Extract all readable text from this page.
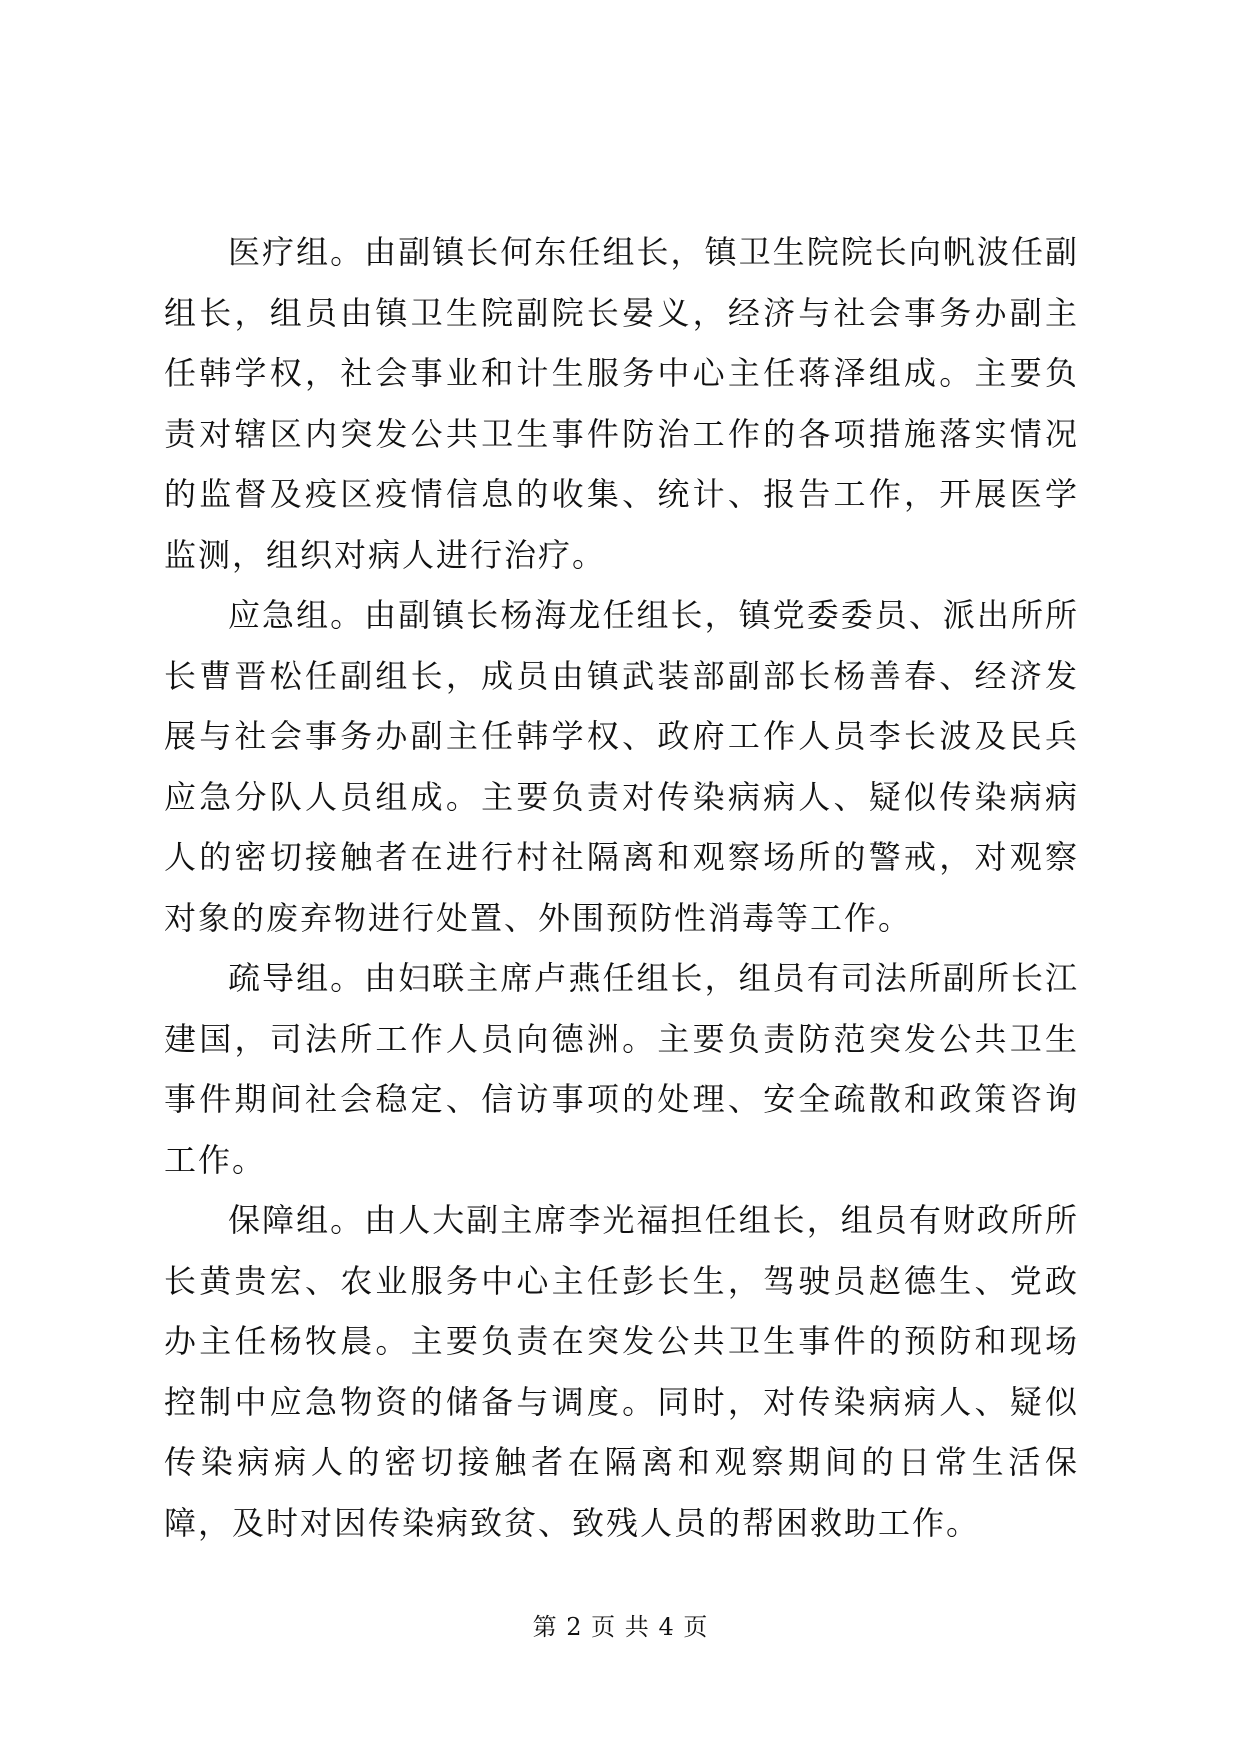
医疗组。由副镇长何东任组长，镇卫生院院长向帆波任副组长，组员由镇卫生院副院长晏义，经济与社会事务办副主任韩学权，社会事业和计生服务中心主任蒋泽组成。主要负责对辖区内突发公共卫生事件防治工作的各项措施落实情况的监督及疫区疫情信息的收集、统计、报告工作，开展医学监测，组织对病人进行治疗。

应急组。由副镇长杨海龙任组长，镇党委委员、派出所所长曹晋松任副组长，成员由镇武装部副部长杨善春、经济发展与社会事务办副主任韩学权、政府工作人员李长波及民兵应急分队人员组成。主要负责对传染病病人、疑似传染病病人的密切接触者在进行村社隔离和观察场所的警戒，对观察对象的废弃物进行处置、外围预防性消毒等工作。

疏导组。由妇联主席卢燕任组长，组员有司法所副所长江建国，司法所工作人员向德洲。主要负责防范突发公共卫生事件期间社会稳定、信访事项的处理、安全疏散和政策咨询工作。

保障组。由人大副主席李光福担任组长，组员有财政所所长黄贵宏、农业服务中心主任彭长生，驾驶员赵德生、党政办主任杨牧晨。主要负责在突发公共卫生事件的预防和现场控制中应急物资的储备与调度。同时，对传染病病人、疑似传染病病人的密切接触者在隔离和观察期间的日常生活保障，及时对因传染病致贫、致残人员的帮困救助工作。

第 2 页 共 4 页
